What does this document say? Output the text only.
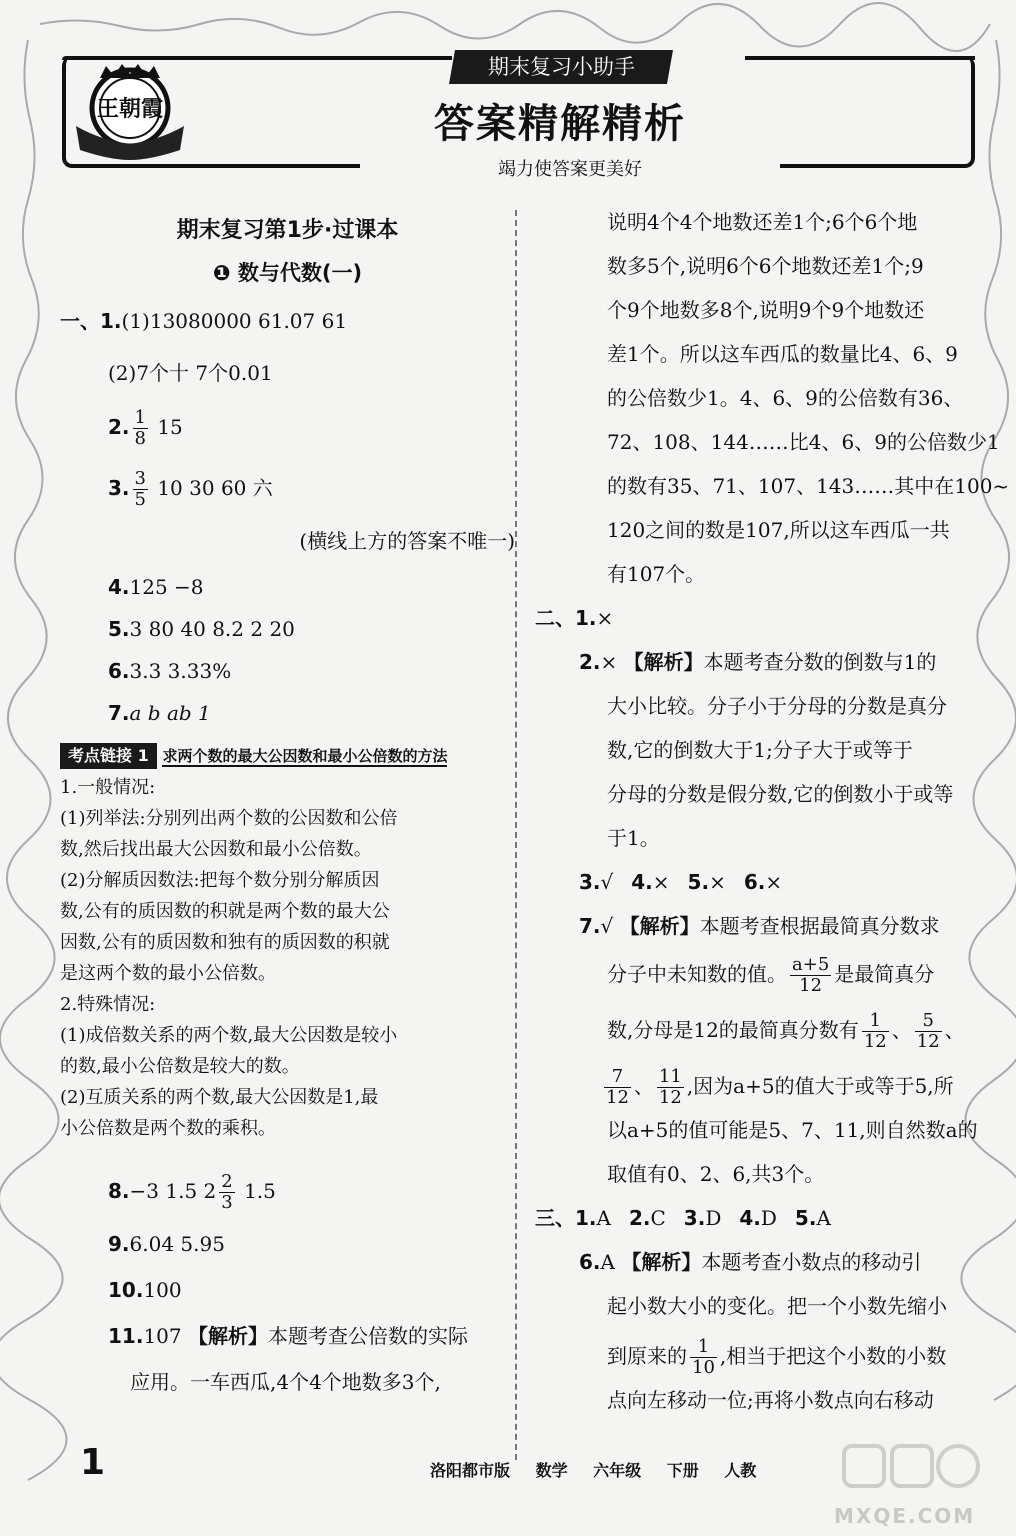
王朝霞
期末复习小助手
答案精解精析
竭力使答案更美好

期末复习第1步·过课本

❶ 数与代数(一)

一、1.(1)13080000 61.07 61

(2)7个十 7个0.01

2. $\frac{1}{8} 15$

3. $\frac{3}{5} 10$ 30 60 六

(横线上方的答案不唯一)

4.125 −8

5.3 80 40 8.2 2 20

6.3.3 3.33%

7.a b ab 1

考点链接 1 求两个数的最大公因数和最小公倍数的方法

1.一般情况:

(1)列举法:分别列出两个数的公因数和公倍

数,然后找出最大公因数和最小公倍数。

(2)分解质因数法:把每个数分别分解质因

数,公有的质因数的积就是两个数的最大公

因数,公有的质因数和独有的质因数的积就

是这两个数的最小公倍数。

2.特殊情况:

(1)成倍数关系的两个数,最大公因数是较小

的数,最小公倍数是较大的数。

(2)互质关系的两个数,最大公因数是1,最

小公倍数是两个数的乘积。

8.−3 1.5 $2 \frac{2}{3} 1.5$

9.6.04 5.95

10.100

11.107 【解析】本题考查公倍数的实际

应用。一车西瓜,4个4个地数多3个,

说明4个4个地数还差1个;6个6个地

数多5个,说明6个6个地数还差1个;9

个9个地数多8个,说明9个9个地数还

差1个。所以这车西瓜的数量比4、6、9

的公倍数少1。4、6、9的公倍数有36、

72、108、144……比4、6、9的公倍数少1

的数有35、71、107、143……其中在100~

120之间的数是107,所以这车西瓜一共

有107个。

二、1.×

2.× 【解析】本题考查分数的倒数与1的

大小比较。分子小于分母的分数是真分

数,它的倒数大于1;分子大于或等于

分母的分数是假分数,它的倒数小于或等

于1。

3.√ 4.× 5.× 6.×

7.√ 【解析】本题考查根据最简真分数求

分子中未知数的值。 $\frac{a+5}{12}$ 是最简真分

数,分母是12的最简真分数有 $\frac{1}{12}$ 、 $\frac{5}{12}$ 、

$\frac{7}{12}$ 、 $\frac{11}{12}$ ,因为a+5的值大于或等于5,所

以a+5的值可能是5、7、11,则自然数a的

取值有0、2、6,共3个。

三、1.A 2.C 3.D 4.D 5.A

6.A 【解析】本题考查小数点的移动引

起小数大小的变化。把一个小数先缩小

到原来的 $\frac{1}{10}$ ,相当于把这个小数的小数

点向左移动一位;再将小数点向右移动

1	洛阳都市版 数学 六年级 下册 人教
MXQE.COM
